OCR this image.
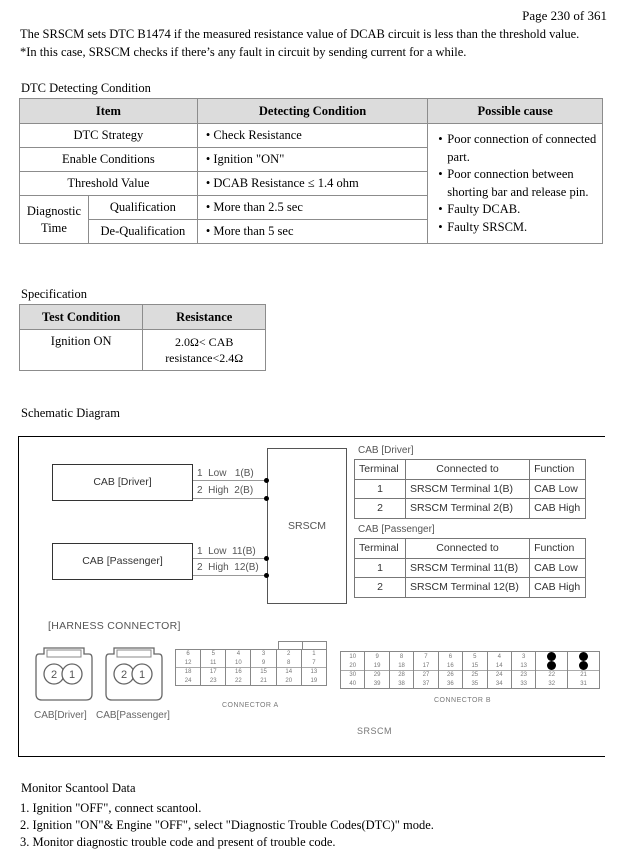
Page 230 of 361
The SRSCM sets DTC B1474 if the measured resistance value of DCAB circuit is less than the threshold value.
*In this case, SRSCM checks if there’s any fault in circuit by sending current for a while.
DTC Detecting Condition
Item		Detecting Condition	Possible cause
DTC Strategy	• Check Resistance	
•Poor connection of connected part.
• Poor connection between shorting bar and release pin.
• Faulty DCAB.
• Faulty SRSCM.

Enable Conditions		• Ignition "ON"	
Threshold Value		• DCAB Resistance ≤ 1.4 ohm	
Diagnostic Time	Qualification	• More than 2.5 sec	
	De-Qualification	• More than 5 sec	
Specification
Test Condition	Resistance
Ignition ON	2.0Ω< CAB
resistance<2.4Ω
Schematic Diagram
CAB [Driver]
CAB [Passenger]
SRSCM
1 Low 1(B)
2 High 2(B)
1 Low 11(B)
2 High 12(B)
CAB [Driver]
Terminal	Connected to	Function
1	SRSCM Terminal 1(B)	CAB Low
2	SRSCM Terminal 2(B)	CAB High
CAB [Passenger]
Terminal	Connected to	Function
1	SRSCM Terminal 11(B)	CAB Low
2	SRSCM Terminal 12(B)	CAB High
[HARNESS CONNECTOR]
2 1	2 1
CAB[Driver] CAB[Passenger]
6	5	4	3	2	1
12	11	10	9	8	7
18	17	16	15	14	13
24	23	22	21	20	19
CONNECTOR A
10	9	8	7	6	5	4	3		
20	19	18	17	16	15	14	13		
30	29	28	27	26	25	24	23	22	21
40	39	38	37	36	35	34	33	32	31
CONNECTOR B
SRSCM
Monitor Scantool Data
1. Ignition "OFF", connect scantool.
2. Ignition "ON"& Engine "OFF", select "Diagnostic Trouble Codes(DTC)" mode.
3. Monitor diagnostic trouble code and present of trouble code.
